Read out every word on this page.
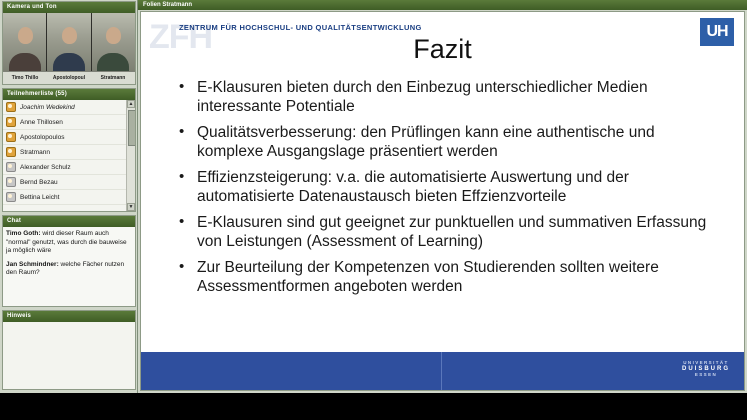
Kamera und Ton
Timo Thillo	Apostolopoul	Stratmann
Teilnehmerliste (55)
Joachim Wedekind
Anne Thillosen
Apostolopoulos
Stratmann
Alexander Schulz
Bernd Bezau
Bettina Leicht
▲
▼
Chat
Timo Goth: wird dieser Raum auch "normal" genutzt, was durch die bauweise ja möglich wäre
Jan Schmindner: welche Fächer nutzen den Raum?
Hinweis
Folien Stratmann
ZFH
ZENTRUM FÜR HOCHSCHUL- UND QUALITÄTSENTWICKLUNG	UH
Fazit
• E-Klausuren bieten durch den Einbezug unterschiedlicher Medien interessante Potentiale
• Qualitätsverbesserung: den Prüflingen kann eine authentische und komplexe Ausgangslage präsentiert werden
• Effizienzsteigerung: v.a. die automatisierte Auswertung und der automatisierte Datenaustausch bieten Effzienzvorteile
• E-Klausuren sind gut geeignet zur punktuellen und summativen Erfassung von Leistungen (Assessment of Learning)
• Zur Beurteilung der Kompetenzen von Studierenden sollten weitere Assessmentformen angeboten werden
UNIVERSITÄT
DUISBURG
ESSEN
